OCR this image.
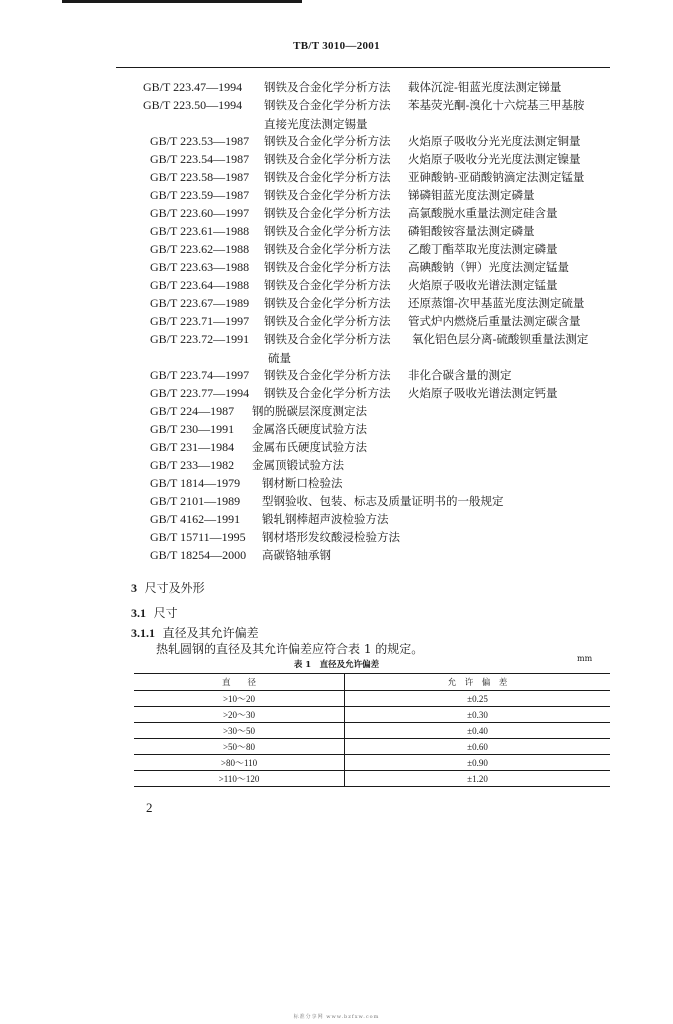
TB/T 3010—2001
GB/T 223.47—1994 钢铁及合金化学分析方法 载体沉淀-钼蓝光度法测定锑量
GB/T 223.50—1994 钢铁及合金化学分析方法 苯基荧光酮-溴化十六烷基三甲基胺
直接光度法测定锡量
GB/T 223.53—1987 钢铁及合金化学分析方法 火焰原子吸收分光光度法测定铜量
GB/T 223.54—1987 钢铁及合金化学分析方法 火焰原子吸收分光光度法测定镍量
GB/T 223.58—1987 钢铁及合金化学分析方法 亚砷酸钠-亚硝酸钠滴定法测定锰量
GB/T 223.59—1987 钢铁及合金化学分析方法 锑磷钼蓝光度法测定磷量
GB/T 223.60—1997 钢铁及合金化学分析方法 高氯酸脱水重量法测定硅含量
GB/T 223.61—1988 钢铁及合金化学分析方法 磷钼酸铵容量法测定磷量
GB/T 223.62—1988 钢铁及合金化学分析方法 乙酸丁酯萃取光度法测定磷量
GB/T 223.63—1988 钢铁及合金化学分析方法 高碘酸钠（钾）光度法测定锰量
GB/T 223.64—1988 钢铁及合金化学分析方法 火焰原子吸收光谱法测定锰量
GB/T 223.67—1989 钢铁及合金化学分析方法 还原蒸馏-次甲基蓝光度法测定硫量
GB/T 223.71—1997 钢铁及合金化学分析方法 管式炉内燃烧后重量法测定碳含量
GB/T 223.72—1991 钢铁及合金化学分析方法 氧化铝色层分离-硫酸钡重量法测定
硫量
GB/T 223.74—1997 钢铁及合金化学分析方法 非化合碳含量的测定
GB/T 223.77—1994 钢铁及合金化学分析方法 火焰原子吸收光谱法测定钙量
GB/T 224—1987 钢的脱碳层深度测定法
GB/T 230—1991 金属洛氏硬度试验方法
GB/T 231—1984 金属布氏硬度试验方法
GB/T 233—1982 金属顶锻试验方法
GB/T 1814—1979 钢材断口检验法
GB/T 2101—1989 型钢验收、包装、标志及质量证明书的一般规定
GB/T 4162—1991 锻轧钢棒超声波检验方法
GB/T 15711—1995 钢材塔形发纹酸浸检验方法
GB/T 18254—2000 高碳铬轴承钢
3 尺寸及外形
3.1 尺寸
3.1.1 直径及其允许偏差
热轧圆钢的直径及其允许偏差应符合表 1 的规定。
mm
表 1　直径及允许偏差
直　　径	允　许　偏　差
>10～20	±0.25
>20～30	±0.30
>30～50	±0.40
>50～80	±0.60
>80～110	±0.90
>110～120	±1.20
2
标准分享网 www.bzfxw.com
